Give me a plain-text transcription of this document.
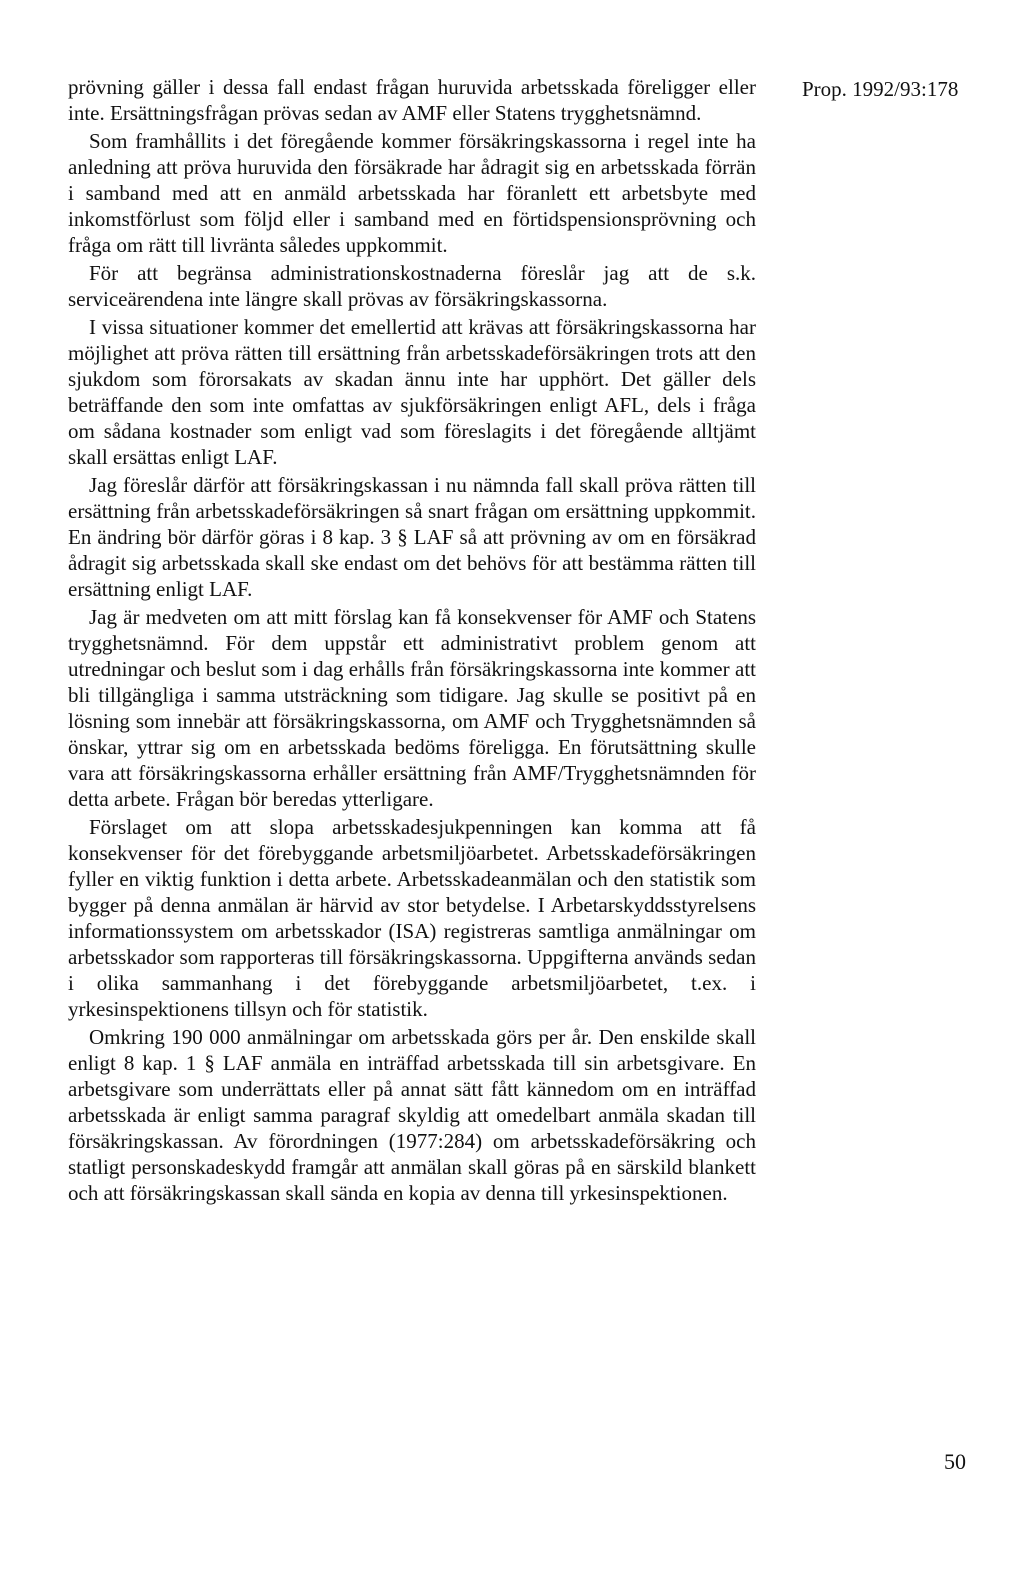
Prop. 1992/93:178

prövning gäller i dessa fall endast frågan huruvida arbetsskada föreligger eller inte. Ersättningsfrågan prövas sedan av AMF eller Statens trygghetsnämnd.

Som framhållits i det föregående kommer försäkringskassorna i regel inte ha anledning att pröva huruvida den försäkrade har ådragit sig en arbetsskada förrän i samband med att en anmäld arbetsskada har föranlett ett arbetsbyte med inkomstförlust som följd eller i samband med en förtidspensionsprövning och fråga om rätt till livränta således uppkommit.

För att begränsa administrationskostnaderna föreslår jag att de s.k. serviceärendena inte längre skall prövas av försäkringskassorna.

I vissa situationer kommer det emellertid att krävas att försäkringskassorna har möjlighet att pröva rätten till ersättning från arbetsskadeförsäkringen trots att den sjukdom som förorsakats av skadan ännu inte har upphört. Det gäller dels beträffande den som inte omfattas av sjukförsäkringen enligt AFL, dels i fråga om sådana kostnader som enligt vad som föreslagits i det föregående alltjämt skall ersättas enligt LAF.

Jag föreslår därför att försäkringskassan i nu nämnda fall skall pröva rätten till ersättning från arbetsskadeförsäkringen så snart frågan om ersättning uppkommit. En ändring bör därför göras i 8 kap. 3 § LAF så att prövning av om en försäkrad ådragit sig arbetsskada skall ske endast om det behövs för att bestämma rätten till ersättning enligt LAF.

Jag är medveten om att mitt förslag kan få konsekvenser för AMF och Statens trygghetsnämnd. För dem uppstår ett administrativt problem genom att utredningar och beslut som i dag erhålls från försäkringskassorna inte kommer att bli tillgängliga i samma utsträckning som tidigare. Jag skulle se positivt på en lösning som innebär att försäkringskassorna, om AMF och Trygghetsnämnden så önskar, yttrar sig om en arbetsskada bedöms föreligga. En förutsättning skulle vara att försäkringskassorna erhåller ersättning från AMF/Trygghetsnämnden för detta arbete. Frågan bör beredas ytterligare.

Förslaget om att slopa arbetsskadesjukpenningen kan komma att få konsekvenser för det förebyggande arbetsmiljöarbetet. Arbetsskadeförsäkringen fyller en viktig funktion i detta arbete. Arbetsskadeanmälan och den statistik som bygger på denna anmälan är härvid av stor betydelse. I Arbetarskyddsstyrelsens informationssystem om arbetsskador (ISA) registreras samtliga anmälningar om arbetsskador som rapporteras till försäkringskassorna. Uppgifterna används sedan i olika sammanhang i det förebyggande arbetsmiljöarbetet, t.ex. i yrkesinspektionens tillsyn och för statistik.

Omkring 190 000 anmälningar om arbetsskada görs per år. Den enskilde skall enligt 8 kap. 1 § LAF anmäla en inträffad arbetsskada till sin arbetsgivare. En arbetsgivare som underrättats eller på annat sätt fått kännedom om en inträffad arbetsskada är enligt samma paragraf skyldig att omedelbart anmäla skadan till försäkringskassan. Av förordningen (1977:284) om arbetsskadeförsäkring och statligt personskadeskydd framgår att anmälan skall göras på en särskild blankett och att försäkringskassan skall sända en kopia av denna till yrkesinspektionen.

50
